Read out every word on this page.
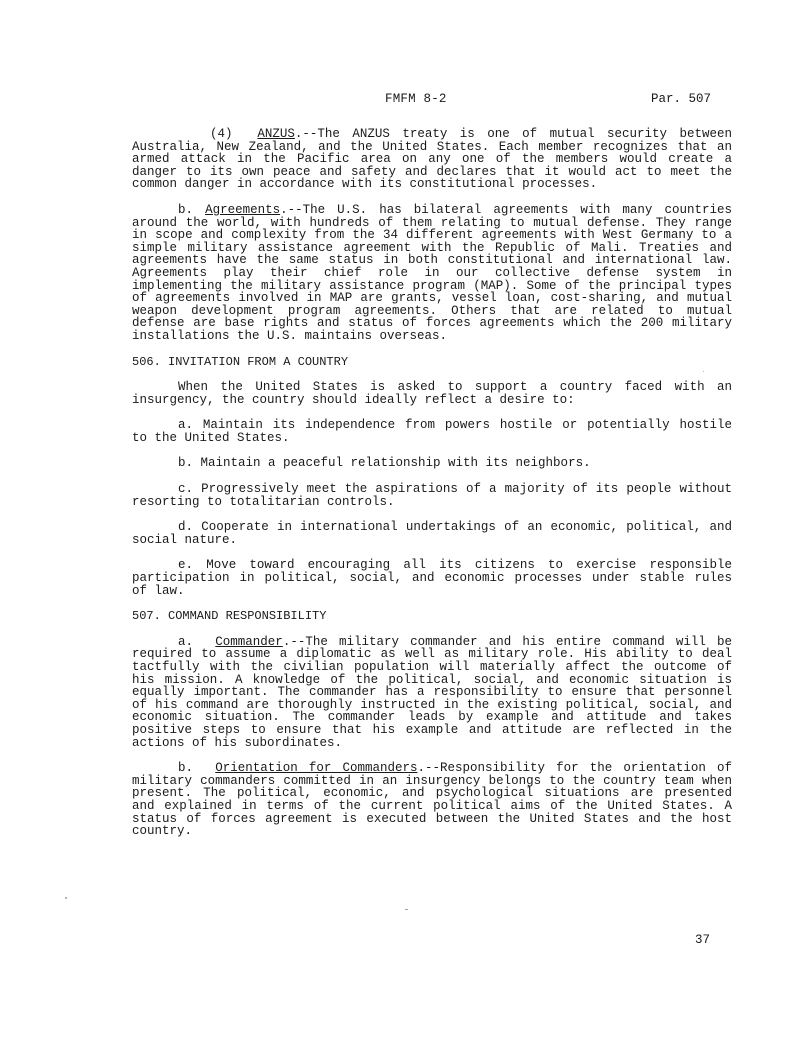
FMFM 8-2	Par. 507

(4) ANZUS.--The ANZUS treaty is one of mutual security between Australia, New Zealand, and the United States. Each member recognizes that an armed attack in the Pacific area on any one of the members would create a danger to its own peace and safety and declares that it would act to meet the common danger in accordance with its constitutional processes.

b. Agreements.--The U.S. has bilateral agreements with many countries around the world, with hundreds of them relating to mutual defense. They range in scope and complexity from the 34 different agreements with West Germany to a simple military assistance agreement with the Republic of Mali. Treaties and agreements have the same status in both constitutional and international law. Agreements play their chief role in our collective defense system in implementing the military assistance program (MAP). Some of the principal types of agreements involved in MAP are grants, vessel loan, cost-sharing, and mutual weapon development program agreements. Others that are related to mutual defense are base rights and status of forces agreements which the 200 military installations the U.S. maintains overseas.

506. INVITATION FROM A COUNTRY

When the United States is asked to support a country faced with an insurgency, the country should ideally reflect a desire to:

a. Maintain its independence from powers hostile or potentially hostile to the United States.

b. Maintain a peaceful relationship with its neighbors.

c. Progressively meet the aspirations of a majority of its people without resorting to totalitarian controls.

d. Cooperate in international undertakings of an economic, political, and social nature.

e. Move toward encouraging all its citizens to exercise responsible participation in political, social, and economic processes under stable rules of law.

507. COMMAND RESPONSIBILITY

a. Commander.--The military commander and his entire command will be required to assume a diplomatic as well as military role. His ability to deal tactfully with the civilian population will materially affect the outcome of his mission. A knowledge of the political, social, and economic situation is equally important. The commander has a responsibility to ensure that personnel of his command are thoroughly instructed in the existing political, social, and economic situation. The commander leads by example and attitude and takes positive steps to ensure that his example and attitude are reflected in the actions of his subordinates.

b. Orientation for Commanders.--Responsibility for the orientation of military commanders committed in an insurgency belongs to the country team when present. The political, economic, and psychological situations are presented and explained in terms of the current political aims of the United States. A status of forces agreement is executed between the United States and the host country.

37
